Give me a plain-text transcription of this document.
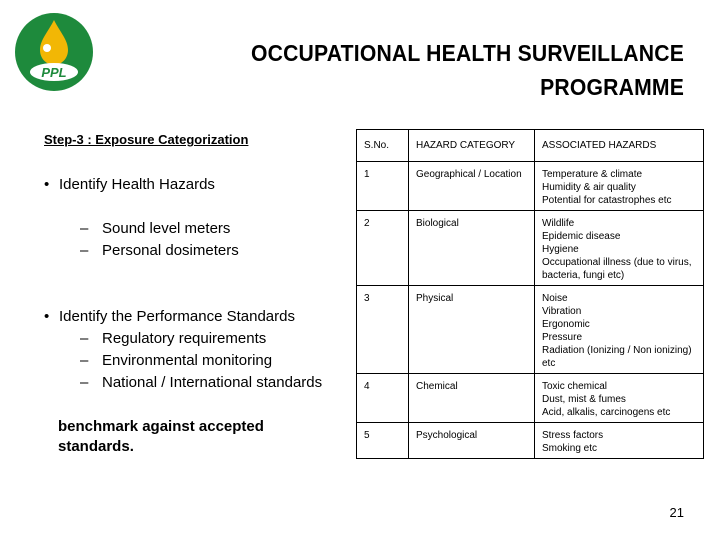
PPL
OCCUPATIONAL HEALTH SURVEILLANCE
PROGRAMME
Step-3 : Exposure Categorization
• Identify Health Hazards
– Sound level meters
– Personal dosimeters
• Identify the Performance Standards
– Regulatory requirements
– Environmental monitoring
– National / International standards
benchmark against accepted standards.
S.No.	HAZARD CATEGORY	ASSOCIATED HAZARDS
1	Geographical / Location	Temperature & climate
Humidity & air quality
Potential for catastrophes etc

2	Biological	Wildlife
Epidemic disease
Hygiene
Occupational illness (due to virus, bacteria, fungi etc)

3	Physical	Noise
Vibration
Ergonomic
Pressure
Radiation (Ionizing / Non ionizing) etc

4	Chemical	Toxic chemical
Dust, mist & fumes
Acid, alkalis, carcinogens etc

5	Psychological	Stress factors
Smoking etc
21
